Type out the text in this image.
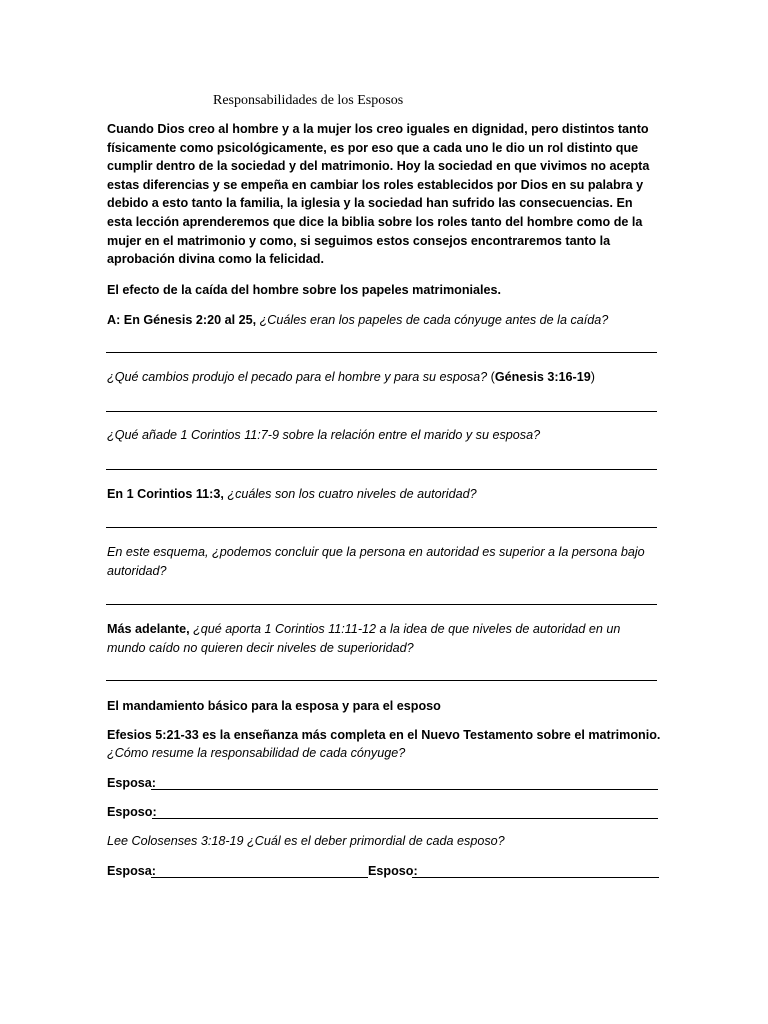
Responsabilidades de los Esposos
Cuando Dios creo al hombre y a la mujer los creo iguales en dignidad, pero distintos tanto físicamente como psicológicamente, es por eso que a cada uno le dio un rol distinto que cumplir dentro de la sociedad y del matrimonio. Hoy la sociedad en que vivimos no acepta estas diferencias y se empeña en cambiar los roles establecidos por Dios en su palabra y debido a esto tanto la familia, la iglesia y la sociedad han sufrido las consecuencias. En esta lección aprenderemos que dice la biblia sobre los roles tanto del hombre como de la mujer en el matrimonio y como, si seguimos estos consejos encontraremos tanto la aprobación divina como la felicidad.
El efecto de la caída del hombre sobre los papeles matrimoniales.
A: En Génesis 2:20 al 25, ¿Cuáles eran los papeles de cada cónyuge antes de la caída?
¿Qué cambios produjo el pecado para el hombre y para su esposa? (Génesis 3:16-19)
¿Qué añade 1 Corintios 11:7-9 sobre la relación entre el marido y su esposa?
En 1 Corintios 11:3, ¿cuáles son los cuatro niveles de autoridad?
En este esquema, ¿podemos concluir que la persona en autoridad es superior a la persona bajo autoridad?
Más adelante, ¿qué aporta 1 Corintios 11:11-12 a la idea de que niveles de autoridad en un mundo caído no quieren decir niveles de superioridad?
El mandamiento básico para la esposa y para el esposo
Efesios 5:21-33 es la enseñanza más completa en el Nuevo Testamento sobre el matrimonio.
¿Cómo resume la responsabilidad de cada cónyuge?
Esposa:
Esposo:
Lee Colosenses 3:18-19 ¿Cuál es el deber primordial de cada esposo?
Esposa:	Esposo:
